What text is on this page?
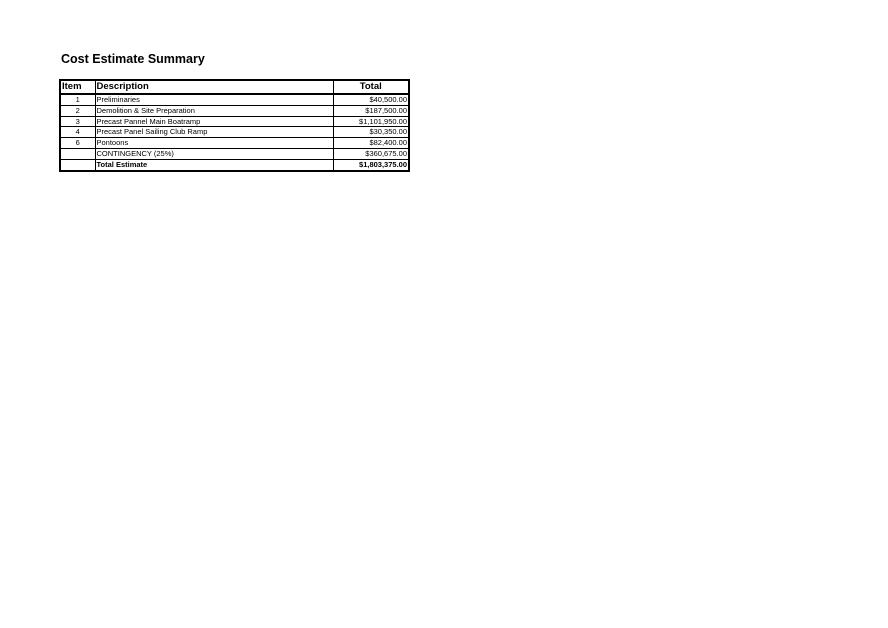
Cost Estimate Summary
Item	Description	Total
1	Preliminaries	$40,500.00
2	Demolition & Site Preparation	$187,500.00
3	Precast Pannel Main Boatramp	$1,101,950.00
4	Precast Panel Sailing Club Ramp	$30,350.00
6	Pontoons	$82,400.00
	CONTINGENCY (25%)	$360,675.00
	Total Estimate	$1,803,375.00
